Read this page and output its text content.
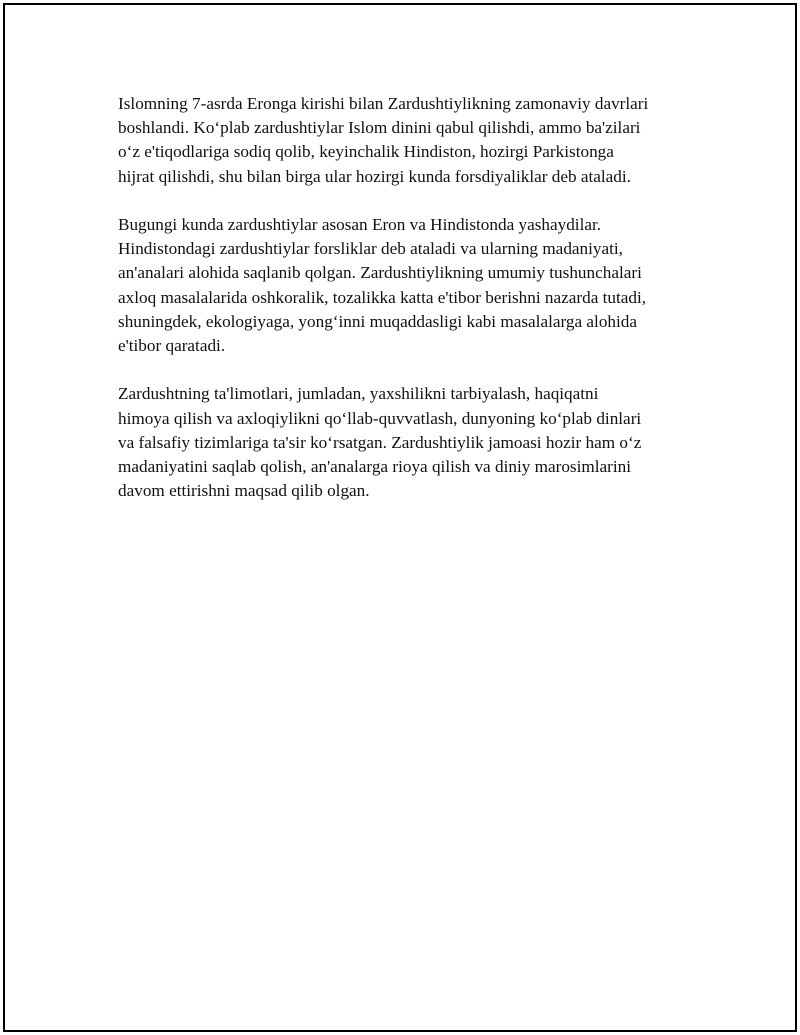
Islomning 7-asrda Eronga kirishi bilan Zardushtiylikning zamonaviy davrlari
boshlandi. Ko‘plab zardushtiylar Islom dinini qabul qilishdi, ammo ba'zilari
o‘z e'tiqodlariga sodiq qolib, keyinchalik Hindiston, hozirgi Parkistonga
hijrat qilishdi, shu bilan birga ular hozirgi kunda forsdiyaliklar deb ataladi.

Bugungi kunda zardushtiylar asosan Eron va Hindistonda yashaydilar.
Hindistondagi zardushtiylar forsliklar deb ataladi va ularning madaniyati,
an'analari alohida saqlanib qolgan. Zardushtiylikning umumiy tushunchalari
axloq masalalarida oshkoralik, tozalikka katta e'tibor berishni nazarda tutadi,
shuningdek, ekologiyaga, yong‘inni muqaddasligi kabi masalalarga alohida
e'tibor qaratadi.

Zardushtning ta'limotlari, jumladan, yaxshilikni tarbiyalash, haqiqatni
himoya qilish va axloqiylikni qo‘llab-quvvatlash, dunyoning ko‘plab dinlari
va falsafiy tizimlariga ta'sir ko‘rsatgan. Zardushtiylik jamoasi hozir ham o‘z
madaniyatini saqlab qolish, an'analarga rioya qilish va diniy marosimlarini
davom ettirishni maqsad qilib olgan.
